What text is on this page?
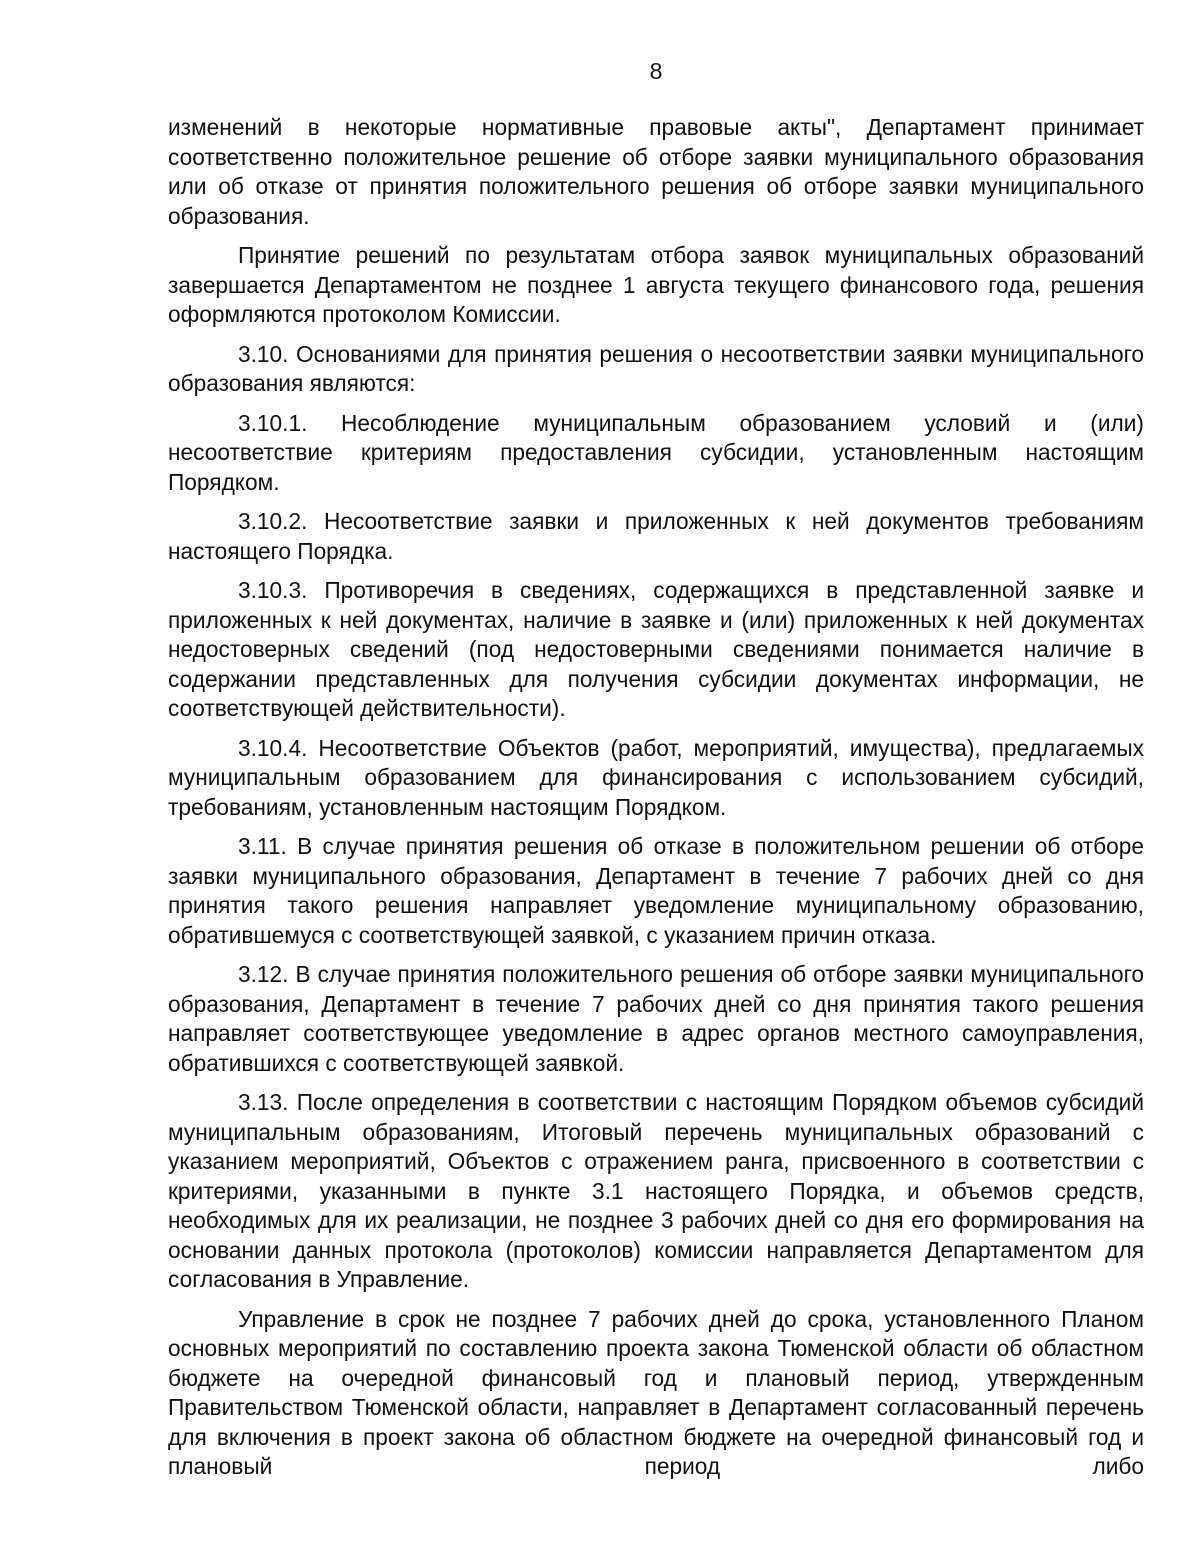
8

изменений в некоторые нормативные правовые акты", Департамент принимает соответственно положительное решение об отборе заявки муниципального образования или об отказе от принятия положительного решения об отборе заявки муниципального образования.

Принятие решений по результатам отбора заявок муниципальных образований завершается Департаментом не позднее 1 августа текущего финансового года, решения оформляются протоколом Комиссии.

3.10. Основаниями для принятия решения о несоответствии заявки муниципального образования являются:

3.10.1. Несоблюдение муниципальным образованием условий и (или) несоответствие критериям предоставления субсидии, установленным настоящим Порядком.

3.10.2. Несоответствие заявки и приложенных к ней документов требованиям настоящего Порядка.

3.10.3. Противоречия в сведениях, содержащихся в представленной заявке и приложенных к ней документах, наличие в заявке и (или) приложенных к ней документах недостоверных сведений (под недостоверными сведениями понимается наличие в содержании представленных для получения субсидии документах информации, не соответствующей действительности).

3.10.4. Несоответствие Объектов (работ, мероприятий, имущества), предлагаемых муниципальным образованием для финансирования с использованием субсидий, требованиям, установленным настоящим Порядком.

3.11. В случае принятия решения об отказе в положительном решении об отборе заявки муниципального образования, Департамент в течение 7 рабочих дней со дня принятия такого решения направляет уведомление муниципальному образованию, обратившемуся с соответствующей заявкой, с указанием причин отказа.

3.12. В случае принятия положительного решения об отборе заявки муниципального образования, Департамент в течение 7 рабочих дней со дня принятия такого решения направляет соответствующее уведомление в адрес органов местного самоуправления, обратившихся с соответствующей заявкой.

3.13. После определения в соответствии с настоящим Порядком объемов субсидий муниципальным образованиям, Итоговый перечень муниципальных образований с указанием мероприятий, Объектов с отражением ранга, присвоенного в соответствии с критериями, указанными в пункте 3.1 настоящего Порядка, и объемов средств, необходимых для их реализации, не позднее 3 рабочих дней со дня его формирования на основании данных протокола (протоколов) комиссии направляется Департаментом для согласования в Управление.

Управление в срок не позднее 7 рабочих дней до срока, установленного Планом основных мероприятий по составлению проекта закона Тюменской области об областном бюджете на очередной финансовый год и плановый период, утвержденным Правительством Тюменской области, направляет в Департамент согласованный перечень для включения в проект закона об областном бюджете на очередной финансовый год и плановый период либо
